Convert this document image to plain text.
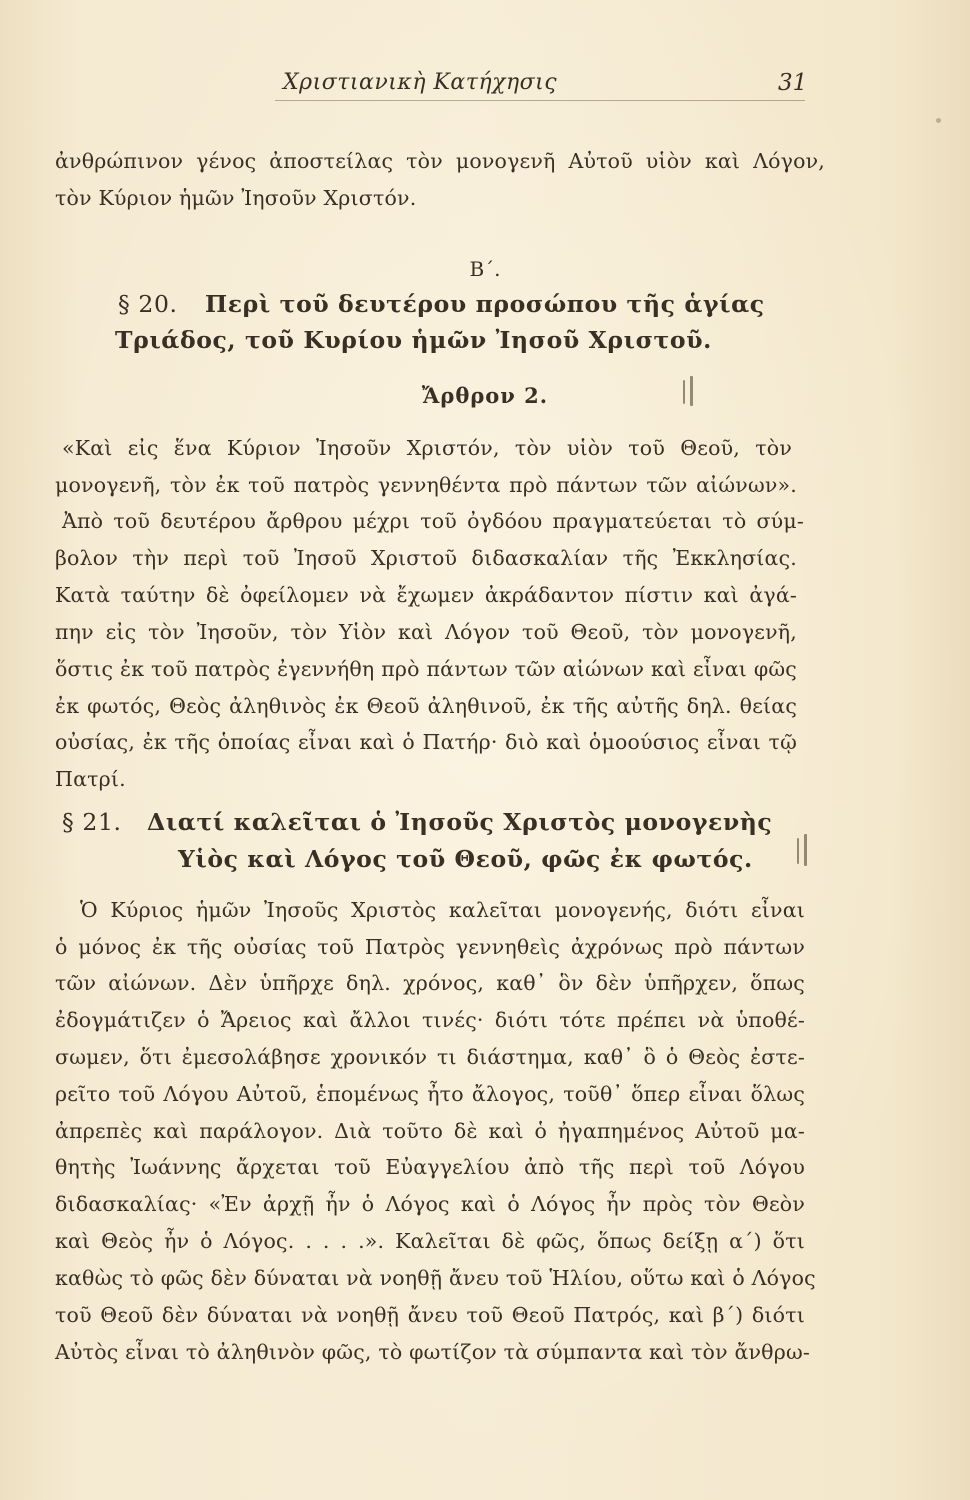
Χριστιανικὴ Κατήχησις	31
ἀνθρώπινον γένος ἀποστείλας τὸν μονογενῆ Αὐτοῦ υἱὸν καὶ Λόγον,
τὸν Κύριον ἡμῶν Ἰησοῦν Χριστόν.
Β΄.
§ 20. Περὶ τοῦ δευτέρου προσώπου τῆς ἁγίας
Τριάδος, τοῦ Κυρίου ἡμῶν Ἰησοῦ Χριστοῦ.
Ἄρθρον 2.
«Καὶ εἰς ἕνα Κύριον Ἰησοῦν Χριστόν, τὸν υἱὸν τοῦ Θεοῦ, τὸν
μονογενῆ, τὸν ἐκ τοῦ πατρὸς γεννηθέντα πρὸ πάντων τῶν αἰώνων».
Ἀπὸ τοῦ δευτέρου ἄρθρου μέχρι τοῦ ὀγδόου πραγματεύεται τὸ σύμ-
βολον τὴν περὶ τοῦ Ἰησοῦ Χριστοῦ διδασκαλίαν τῆς Ἐκκλησίας.
Κατὰ ταύτην δὲ ὀφείλομεν νὰ ἔχωμεν ἀκράδαντον πίστιν καὶ ἀγά-
πην εἰς τὸν Ἰησοῦν, τὸν Υἱὸν καὶ Λόγον τοῦ Θεοῦ, τὸν μονογενῆ,
ὅστις ἐκ τοῦ πατρὸς ἐγεννήθη πρὸ πάντων τῶν αἰώνων καὶ εἶναι φῶς
ἐκ φωτός, Θεὸς ἀληθινὸς ἐκ Θεοῦ ἀληθινοῦ, ἐκ τῆς αὐτῆς δηλ. θείας
οὐσίας, ἐκ τῆς ὁποίας εἶναι καὶ ὁ Πατήρ· διὸ καὶ ὁμοούσιος εἶναι τῷ
Πατρί.
§ 21. Διατί καλεῖται ὁ Ἰησοῦς Χριστὸς μονογενὴς
Υἱὸς καὶ Λόγος τοῦ Θεοῦ, φῶς ἐκ φωτός.
Ὁ Κύριος ἡμῶν Ἰησοῦς Χριστὸς καλεῖται μονογενής, διότι εἶναι
ὁ μόνος ἐκ τῆς οὐσίας τοῦ Πατρὸς γεννηθεὶς ἀχρόνως πρὸ πάντων
τῶν αἰώνων. Δὲν ὑπῆρχε δηλ. χρόνος, καθ᾽ ὃν δὲν ὑπῆρχεν, ὅπως
ἐδογμάτιζεν ὁ Ἄρειος καὶ ἄλλοι τινές· διότι τότε πρέπει νὰ ὑποθέ-
σωμεν, ὅτι ἐμεσολάβησε χρονικόν τι διάστημα, καθ᾽ ὃ ὁ Θεὸς ἐστε-
ρεῖτο τοῦ Λόγου Αὐτοῦ, ἑπομένως ἦτο ἄλογος, τοῦθ᾽ ὅπερ εἶναι ὅλως
ἀπρεπὲς καὶ παράλογον. Διὰ τοῦτο δὲ καὶ ὁ ἠγαπημένος Αὐτοῦ μα-
θητὴς Ἰωάννης ἄρχεται τοῦ Εὐαγγελίου ἀπὸ τῆς περὶ τοῦ Λόγου
διδασκαλίας· «Ἐν ἀρχῇ ἦν ὁ Λόγος καὶ ὁ Λόγος ἦν πρὸς τὸν Θεὸν
καὶ Θεὸς ἦν ὁ Λόγος. . . . .». Καλεῖται δὲ φῶς, ὅπως δείξῃ α΄) ὅτι
καθὼς τὸ φῶς δὲν δύναται νὰ νοηθῇ ἄνευ τοῦ Ἡλίου, οὕτω καὶ ὁ Λόγος
τοῦ Θεοῦ δὲν δύναται νὰ νοηθῇ ἄνευ τοῦ Θεοῦ Πατρός, καὶ β΄) διότι
Αὐτὸς εἶναι τὸ ἀληθινὸν φῶς, τὸ φωτίζον τὰ σύμπαντα καὶ τὸν ἄνθρω-
